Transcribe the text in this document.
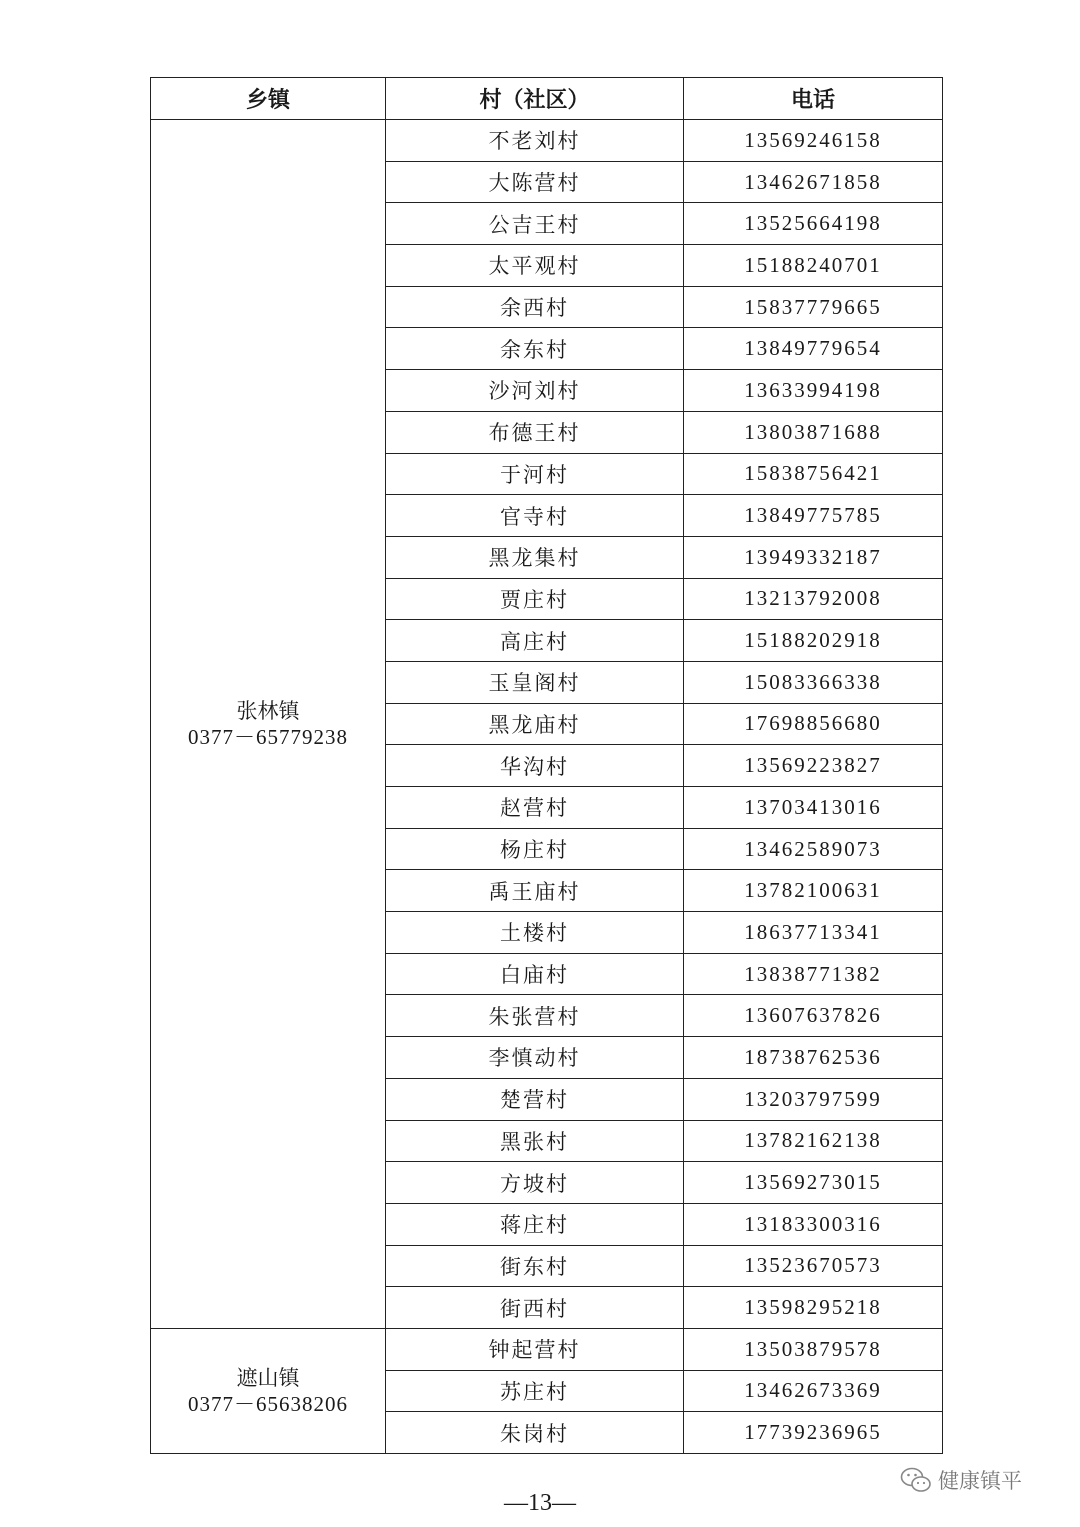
乡镇	村（社区）	电话

张林镇
0377－65779238	不老刘村	13569246158
	大陈营村	13462671858
	公吉王村	13525664198
	太平观村	15188240701
	余西村	15837779665
	余东村	13849779654
	沙河刘村	13633994198
	布德王村	13803871688
	于河村	15838756421
	官寺村	13849775785
	黑龙集村	13949332187
	贾庄村	13213792008
	高庄村	15188202918
	玉皇阁村	15083366338
	黑龙庙村	17698856680
	华沟村	13569223827
	赵营村	13703413016
	杨庄村	13462589073
	禹王庙村	13782100631
	土楼村	18637713341
	白庙村	13838771382
	朱张营村	13607637826
	李慎动村	18738762536
	楚营村	13203797599
	黑张村	13782162138
	方坡村	13569273015
	蒋庄村	13183300316
	街东村	13523670573
	街西村	13598295218

遮山镇
0377－65638206	钟起营村	13503879578
	苏庄村	13462673369
	朱岗村	17739236965
健康镇平
—13—
